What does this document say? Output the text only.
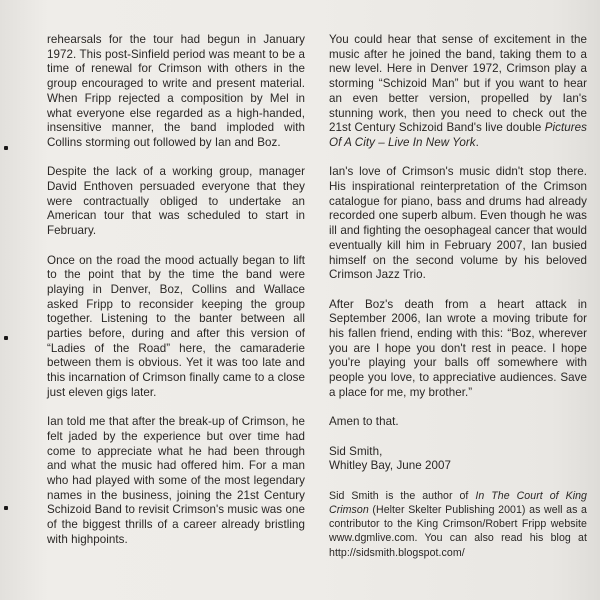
rehearsals for the tour had begun in January 1972. This post-Sinfield period was meant to be a time of renewal for Crimson with others in the group encouraged to write and present material. When Fripp rejected a composition by Mel in what everyone else regarded as a high-handed, insensitive manner, the band imploded with Collins storming out followed by Ian and Boz.

Despite the lack of a working group, manager David Enthoven persuaded everyone that they were contractually obliged to undertake an American tour that was scheduled to start in February.

Once on the road the mood actually began to lift to the point that by the time the band were playing in Denver, Boz, Collins and Wallace asked Fripp to reconsider keeping the group together. Listening to the banter between all parties before, during and after this version of “Ladies of the Road” here, the camaraderie between them is obvious. Yet it was too late and this incarnation of Crimson finally came to a close just eleven gigs later.

Ian told me that after the break-up of Crimson, he felt jaded by the experience but over time had come to appreciate what he had been through and what the music had offered him. For a man who had played with some of the most legendary names in the business, joining the 21st Century Schizoid Band to revisit Crimson's music was one of the biggest thrills of a career already bristling with highpoints.

You could hear that sense of excitement in the music after he joined the band, taking them to a new level. Here in Denver 1972, Crimson play a storming “Schizoid Man” but if you want to hear an even better version, propelled by Ian's stunning work, then you need to check out the 21st Century Schizoid Band's live double Pictures Of A City – Live In New York.

Ian's love of Crimson's music didn't stop there. His inspirational reinterpretation of the Crimson catalogue for piano, bass and drums had already recorded one superb album. Even though he was ill and fighting the oesophageal cancer that would eventually kill him in February 2007, Ian busied himself on the second volume by his beloved Crimson Jazz Trio.

After Boz's death from a heart attack in September 2006, Ian wrote a moving tribute for his fallen friend, ending with this: “Boz, wherever you are I hope you don't rest in peace. I hope you're playing your balls off somewhere with people you love, to appreciative audiences. Save a place for me, my brother.”

Amen to that.

Sid Smith,
Whitley Bay, June 2007

Sid Smith is the author of In The Court of King Crimson (Helter Skelter Publishing 2001) as well as a contributor to the King Crimson/Robert Fripp website www.dgmlive.com. You can also read his blog at http://sidsmith.blogspot.com/
